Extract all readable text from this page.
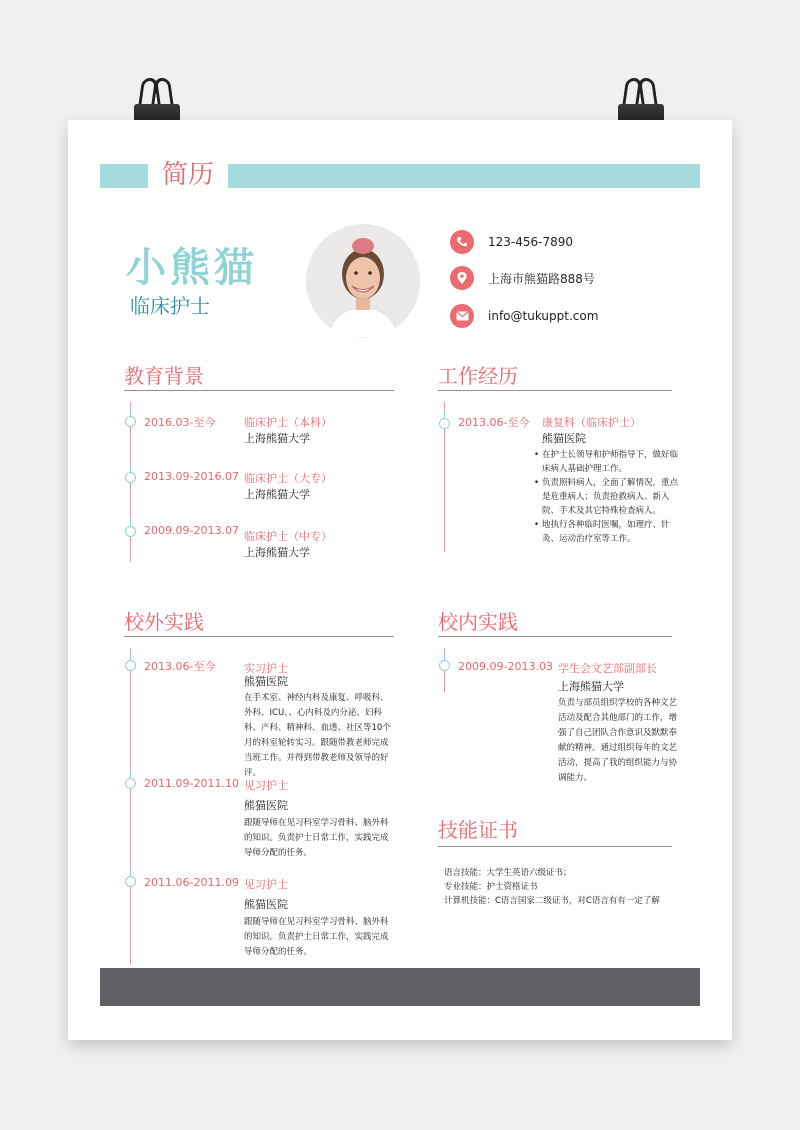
简历
小熊猫
临床护士
123-456-7890
上海市熊猫路888号
info@tukuppt.com
教育背景
2016.03-至今	临床护士（本科）
上海熊猫大学
2013.09-2016.07 临床护士（大专）
上海熊猫大学
2009.09-2013.07 临床护士（中专）
上海熊猫大学
工作经历
2013.06-至今 康复科（临床护士）
熊猫医院
• 在护士长领导和护师指导下，做好临床病人基础护理工作。
• 负责照料病人，全面了解情况，重点是危重病人；负责抢救病人、新入院、手术及其它特殊检查病人。
• 地执行各种临时医嘱，如理疗、针灸、运动治疗室等工作。
校外实践
2013.06-至今	实习护士
熊猫医院
在手术室、神经内科及康复、呼吸科、外科、ICU、、心内科及内分泌、妇科科、产科、精神科、血透、社区等10个月的科室轮转实习。跟随带教老师完成当班工作。并得到带教老师及领导的好评。
2011.09-2011.10 见习护士
熊猫医院
跟随导师在见习科室学习骨科、脑外科的知识。负责护士日常工作，实践完成导师分配的任务。
2011.06-2011.09 见习护士
熊猫医院
跟随导师在见习科室学习骨科、脑外科的知识。负责护士日常工作，实践完成导师分配的任务。
校内实践
2009.09-2013.03 学生会文艺部副部长
上海熊猫大学
负责与部员组织学校的各种文艺活动及配合其他部门的工作，增强了自己团队合作意识及默默奉献的精神。通过组织每年的文艺活动，提高了我的组织能力与协调能力。
技能证书
语言技能：大学生英语六级证书；
专业技能：护士资格证书
计算机技能：C语言国家二级证书，对C语言有有一定了解
